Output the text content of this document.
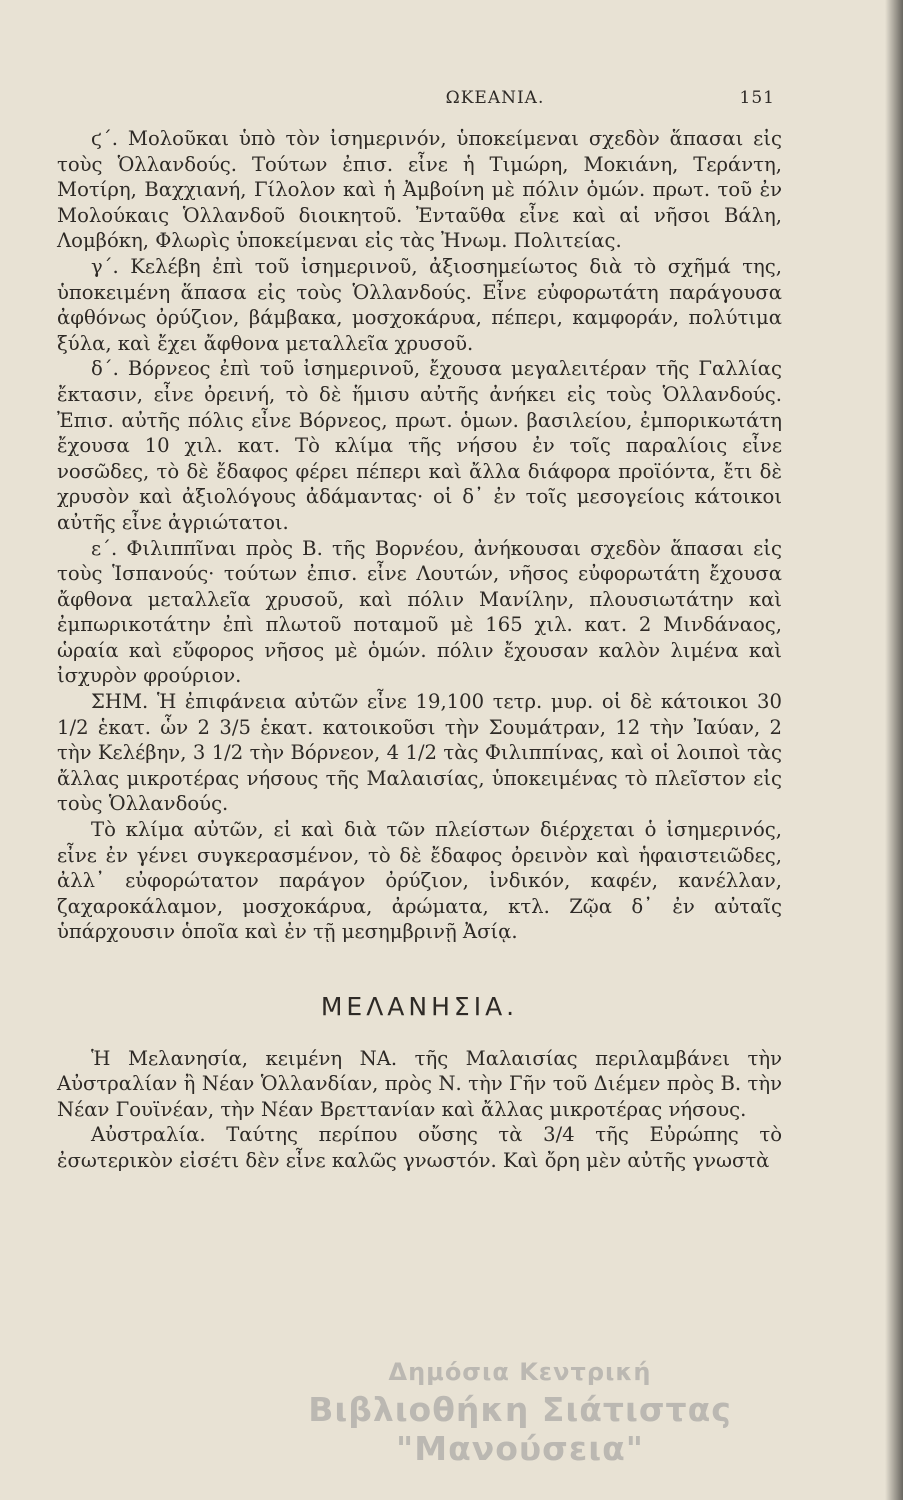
ΩΚΕΑΝΙΑ.	151

ϛ΄. Μολοῦκαι ὑπὸ τὸν ἰσημερινόν, ὑποκείμεναι σχεδὸν ἅπασαι εἰς τοὺς Ὁλλανδούς. Τούτων ἐπισ. εἶνε ἡ Τιμώρη, Μοκιάνη, Τεράντη, Μοτίρη, Βαχχιανή, Γίλολον καὶ ἡ Ἀμβοίνη μὲ πόλιν ὁμών. πρωτ. τοῦ ἐν Μολούκαις Ὁλλανδοῦ διοικητοῦ. Ἐνταῦθα εἶνε καὶ αἱ νῆσοι Βάλη, Λομβόκη, Φλωρὶς ὑποκείμεναι εἰς τὰς Ἠνωμ. Πολιτείας.

γ΄. Κελέβη ἐπὶ τοῦ ἰσημερινοῦ, ἀξιοσημείωτος διὰ τὸ σχῆμά της, ὑποκειμένη ἅπασα εἰς τοὺς Ὁλλανδούς. Εἶνε εὐφορωτάτη παράγουσα ἀφθόνως ὀρύζιον, βάμβακα, μοσχοκάρυα, πέπερι, καμφοράν, πολύτιμα ξύλα, καὶ ἔχει ἄφθονα μεταλλεῖα χρυσοῦ.

δ΄. Βόρνεος ἐπὶ τοῦ ἰσημερινοῦ, ἔχουσα μεγαλειτέραν τῆς Γαλλίας ἔκτασιν, εἶνε ὀρεινή, τὸ δὲ ἥμισυ αὐτῆς ἀνήκει εἰς τοὺς Ὁλλανδούς. Ἐπισ. αὐτῆς πόλις εἶνε Βόρνεος, πρωτ. ὁμων. βασιλείου, ἐμπορικωτάτη ἔχουσα 10 χιλ. κατ. Τὸ κλίμα τῆς νήσου ἐν τοῖς παραλίοις εἶνε νοσῶδες, τὸ δὲ ἔδαφος φέρει πέπερι καὶ ἄλλα διάφορα προϊόντα, ἔτι δὲ χρυσὸν καὶ ἀξιολόγους ἀδάμαντας· οἱ δ᾽ ἐν τοῖς μεσογείοις κάτοικοι αὐτῆς εἶνε ἀγριώτατοι.

ε΄. Φιλιππῖναι πρὸς Β. τῆς Βορνέου, ἀνήκουσαι σχεδὸν ἅπασαι εἰς τοὺς Ἱσπανούς· τούτων ἐπισ. εἶνε Λουτών, νῆσος εὐφορωτάτη ἔχουσα ἄφθονα μεταλλεῖα χρυσοῦ, καὶ πόλιν Μανίλην, πλουσιωτάτην καὶ ἐμπωρικοτάτην ἐπὶ πλωτοῦ ποταμοῦ μὲ 165 χιλ. κατ. 2 Μινδάναος, ὡραία καὶ εὔφορος νῆσος μὲ ὁμών. πόλιν ἔχουσαν καλὸν λιμένα καὶ ἰσχυρὸν φρούριον.

ΣΗΜ. Ἡ ἐπιφάνεια αὐτῶν εἶνε 19,100 τετρ. μυρ. οἱ δὲ κάτοικοι 30 1/2 ἑκατ. ὧν 2 3/5 ἑκατ. κατοικοῦσι τὴν Σουμάτραν, 12 τὴν Ἰαύαν, 2 τὴν Κελέβην, 3 1/2 τὴν Βόρνεον, 4 1/2 τὰς Φιλιππίνας, καὶ οἱ λοιποὶ τὰς ἄλλας μικροτέρας νήσους τῆς Μαλαισίας, ὑποκειμένας τὸ πλεῖστον εἰς τοὺς Ὁλλανδούς.

Τὸ κλίμα αὐτῶν, εἰ καὶ διὰ τῶν πλείστων διέρχεται ὁ ἰσημερινός, εἶνε ἐν γένει συγκερασμένον, τὸ δὲ ἔδαφος ὀρεινὸν καὶ ἡφαιστειῶδες, ἀλλ᾽ εὐφορώτατον παράγον ὀρύζιον, ἰνδικόν, καφέν, κανέλλαν, ζαχαροκάλαμον, μοσχοκάρυα, ἀρώματα, κτλ. Ζῷα δ᾽ ἐν αὐταῖς ὑπάρχουσιν ὁποῖα καὶ ἐν τῇ μεσημβρινῇ Ἀσίᾳ.

ΜΕΛΑΝΗΣΙΑ.

Ἡ Μελανησία, κειμένη ΝΑ. τῆς Μαλαισίας περιλαμβάνει τὴν Αὐστραλίαν ἢ Νέαν Ὁλλανδίαν, πρὸς Ν. τὴν Γῆν τοῦ Διέμεν πρὸς Β. τὴν Νέαν Γουϊνέαν, τὴν Νέαν Βρεττανίαν καὶ ἄλλας μικροτέρας νήσους.

Αὐστραλία. Ταύτης περίπου οὔσης τὰ 3/4 τῆς Εὐρώπης τὸ ἐσωτερικὸν εἰσέτι δὲν εἶνε καλῶς γνωστόν. Καὶ ὄρη μὲν αὐτῆς γνωστὰ

Δημόσια Κεντρική
Βιβλιοθήκη Σιάτιστας "Μανούσεια"
